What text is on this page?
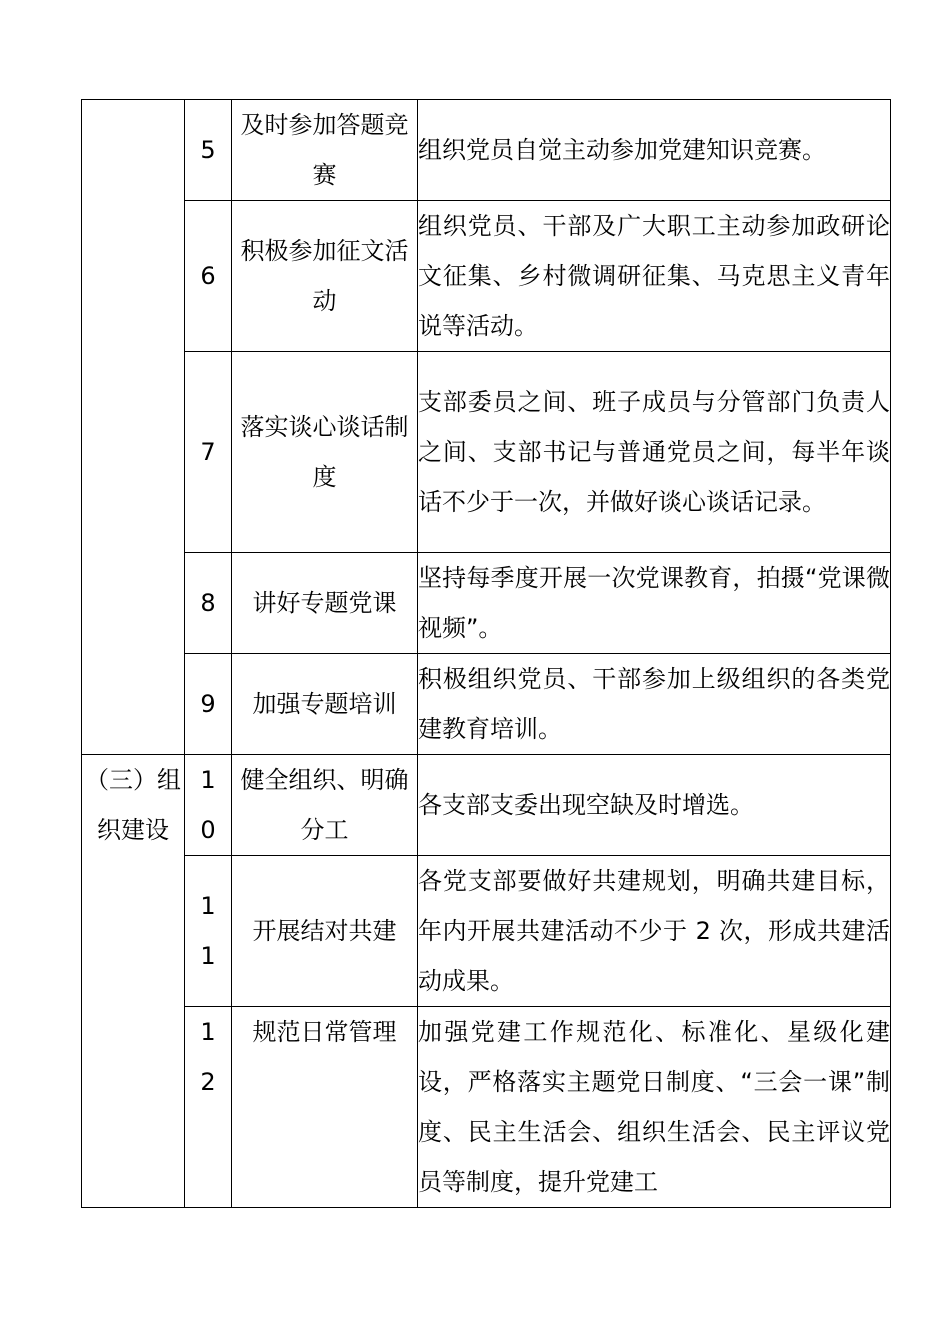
	5	及时参加答题竞赛	组织党员自觉主动参加党建知识竞赛。

	6	积极参加征文活动	组织党员、干部及广大职工主动参加政研论文征集、乡村微调研征集、马克思主义青年说等活动。

	7	落实谈心谈话制度	支部委员之间、班子成员与分管部门负责人之间、支部书记与普通党员之间，每半年谈话不少于一次，并做好谈心谈话记录。

	8	讲好专题党课	坚持每季度开展一次党课教育，拍摄“党课微视频”。

	9	加强专题培训	积极组织党员、干部参加上级组织的各类党建教育培训。

（三）组织建设	10	健全组织、明确分工	各支部支委出现空缺及时增选。

	11	开展结对共建	各党支部要做好共建规划，明确共建目标，年内开展共建活动不少于 2 次，形成共建活动成果。

	12	规范日常管理	加强党建工作规范化、标准化、星级化建设，严格落实主题党日制度、“三会一课”制度、民主生活会、组织生活会、民主评议党员等制度，提升党建工
